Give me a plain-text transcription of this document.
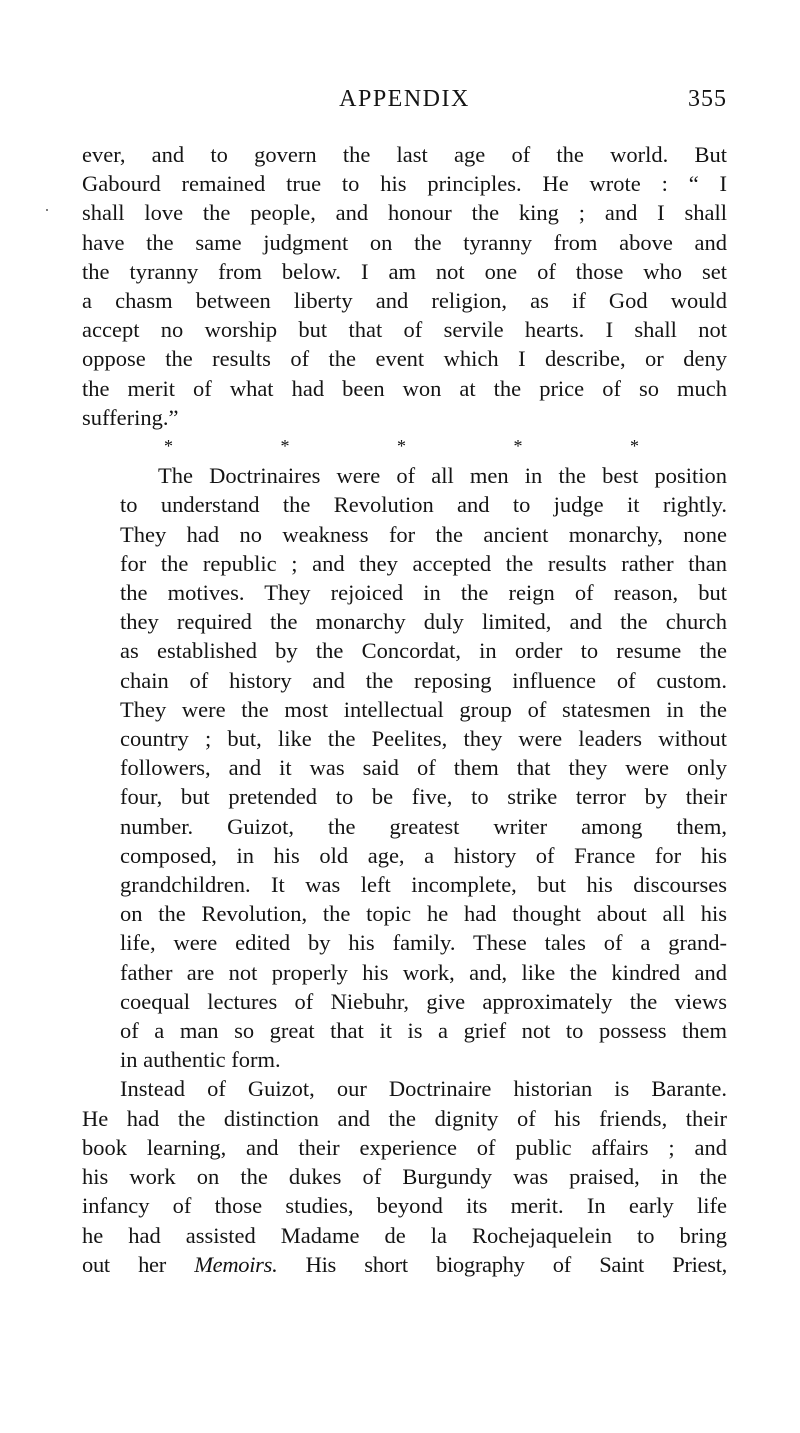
APPENDIX	355
ever, and to govern the last age of the world. But
Gabourd remained true to his principles. He wrote : “ I
shall love the people, and honour the king ; and I shall
have the same judgment on the tyranny from above and
the tyranny from below. I am not one of those who set
a chasm between liberty and religion, as if God would
accept no worship but that of servile hearts. I shall not
oppose the results of the event which I describe, or deny
the merit of what had been won at the price of so much
suffering.”
*	*	*	*	*
The Doctrinaires were of all men in the best position
to understand the Revolution and to judge it rightly.
They had no weakness for the ancient monarchy, none
for the republic ; and they accepted the results rather than
the motives. They rejoiced in the reign of reason, but
they required the monarchy duly limited, and the church
as established by the Concordat, in order to resume the
chain of history and the reposing influence of custom.
They were the most intellectual group of statesmen in the
country ; but, like the Peelites, they were leaders without
followers, and it was said of them that they were only
four, but pretended to be five, to strike terror by their
number. Guizot, the greatest writer among them,
composed, in his old age, a history of France for his
grandchildren. It was left incomplete, but his discourses
on the Revolution, the topic he had thought about all his
life, were edited by his family. These tales of a grand-
father are not properly his work, and, like the kindred and
coequal lectures of Niebuhr, give approximately the views
of a man so great that it is a grief not to possess them
in authentic form.
Instead of Guizot, our Doctrinaire historian is Barante.
He had the distinction and the dignity of his friends, their
book learning, and their experience of public affairs ; and
his work on the dukes of Burgundy was praised, in the
infancy of those studies, beyond its merit. In early life
he had assisted Madame de la Rochejaquelein to bring
out her Memoirs. His short biography of Saint Priest,
